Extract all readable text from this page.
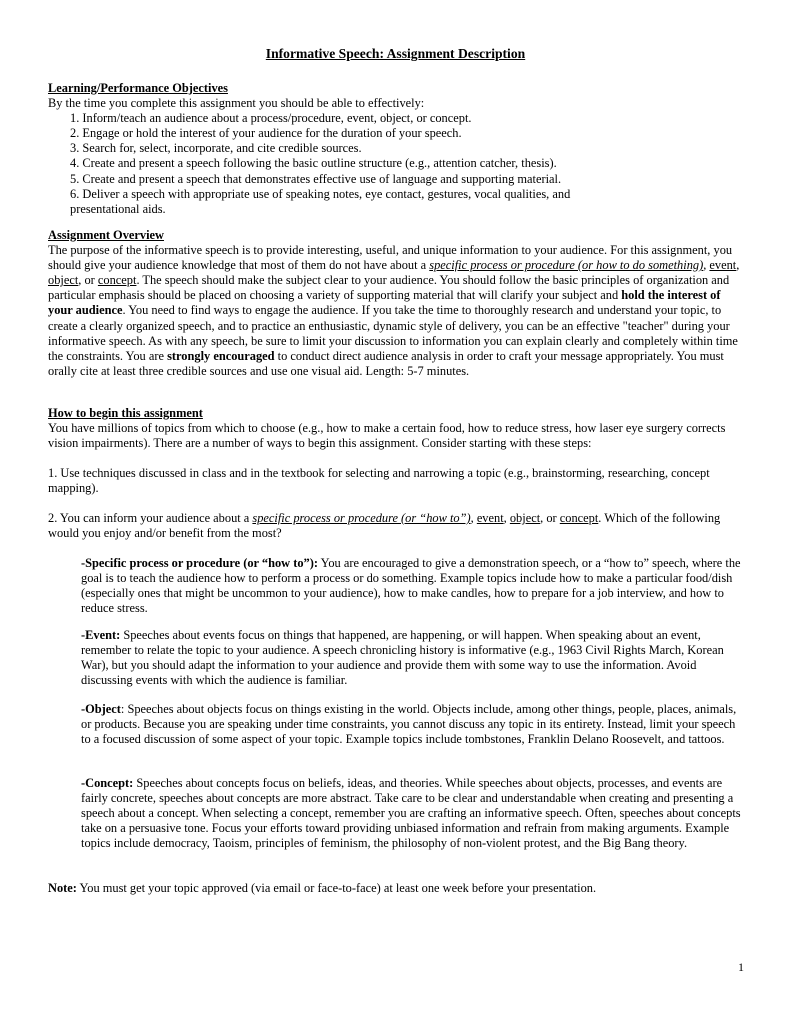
Informative Speech: Assignment Description
Learning/Performance Objectives
By the time you complete this assignment you should be able to effectively:
1. Inform/teach an audience about a process/procedure, event, object, or concept.
2. Engage or hold the interest of your audience for the duration of your speech.
3. Search for, select, incorporate, and cite credible sources.
4. Create and present a speech following the basic outline structure (e.g., attention catcher, thesis).
5. Create and present a speech that demonstrates effective use of language and supporting material.
6. Deliver a speech with appropriate use of speaking notes, eye contact, gestures, vocal qualities, and
presentational aids.
Assignment Overview

The purpose of the informative speech is to provide interesting, useful, and unique information to your audience. For this assignment, you should give your audience knowledge that most of them do not have about a specific process or procedure (or how to do something), event, object, or concept. The speech should make the subject clear to your audience. You should follow the basic principles of organization and particular emphasis should be placed on choosing a variety of supporting material that will clarify your subject and hold the interest of your audience. You need to find ways to engage the audience. If you take the time to thoroughly research and understand your topic, to create a clearly organized speech, and to practice an enthusiastic, dynamic style of delivery, you can be an effective "teacher" during your informative speech. As with any speech, be sure to limit your discussion to information you can explain clearly and completely within time the constraints. You are strongly encouraged to conduct direct audience analysis in order to craft your message appropriately. You must orally cite at least three credible sources and use one visual aid. Length: 5-7 minutes.

How to begin this assignment

You have millions of topics from which to choose (e.g., how to make a certain food, how to reduce stress, how laser eye surgery corrects vision impairments). There are a number of ways to begin this assignment. Consider starting with these steps:

1. Use techniques discussed in class and in the textbook for selecting and narrowing a topic (e.g., brainstorming, researching, concept mapping).

2. You can inform your audience about a specific process or procedure (or “how to”), event, object, or concept. Which of the following would you enjoy and/or benefit from the most?

-Specific process or procedure (or “how to”): You are encouraged to give a demonstration speech, or a “how to” speech, where the goal is to teach the audience how to perform a process or do something. Example topics include how to make a particular food/dish (especially ones that might be uncommon to your audience), how to make candles, how to prepare for a job interview, and how to reduce stress.

-Event: Speeches about events focus on things that happened, are happening, or will happen. When speaking about an event, remember to relate the topic to your audience. A speech chronicling history is informative (e.g., 1963 Civil Rights March, Korean War), but you should adapt the information to your audience and provide them with some way to use the information. Avoid discussing events with which the audience is familiar.

-Object: Speeches about objects focus on things existing in the world. Objects include, among other things, people, places, animals, or products. Because you are speaking under time constraints, you cannot discuss any topic in its entirety. Instead, limit your speech to a focused discussion of some aspect of your topic. Example topics include tombstones, Franklin Delano Roosevelt, and tattoos.

-Concept: Speeches about concepts focus on beliefs, ideas, and theories. While speeches about objects, processes, and events are fairly concrete, speeches about concepts are more abstract. Take care to be clear and understandable when creating and presenting a speech about a concept. When selecting a concept, remember you are crafting an informative speech. Often, speeches about concepts take on a persuasive tone. Focus your efforts toward providing unbiased information and refrain from making arguments. Example topics include democracy, Taoism, principles of feminism, the philosophy of non-violent protest, and the Big Bang theory.

Note: You must get your topic approved (via email or face-to-face) at least one week before your presentation.

1
